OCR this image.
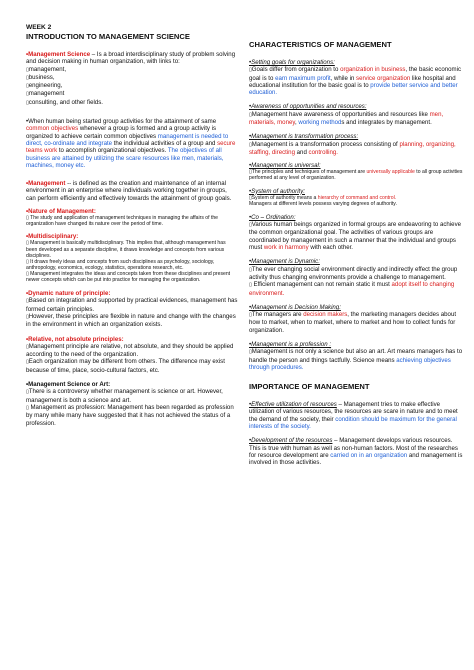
WEEK 2

INTRODUCTION TO MANAGEMENT SCIENCE

•Management Science – Is a broad interdisciplinary study of problem solving and decision making in human organization, with links to:
▯management,
▯business,
▯engineering,
▯management
▯consulting, and other fields.

•When human being started group activities for the attainment of same common objectives whenever a group is formed and a group activity is organized to achieve certain common objectives management is needed to direct, co-ordinate and integrate the individual activities of a group and secure teams work to accomplish organizational objectives. The objectives of all business are attained by utilizing the scare resources like men, materials, machines, money etc.

•Management -- is defined as the creation and maintenance of an internal environment in an enterprise where individuals working together in groups, can perform efficiently and effectively towards the attainment of group goals.

•Nature of Management:
▯ The study and application of management techniques in managing the affairs of the organization have changed its nature over the period of time.

•Multidisciplinary:
▯ Management is basically multidisciplinary. This implies that, although management has been developed as a separate discipline, it draws knowledge and concepts from various disciplines.
▯ It draws freely ideas and concepts from such disciplines as psychology, sociology, anthropology, economics, ecology, statistics, operations research, etc.
▯ Management integrates the ideas and concepts taken from these disciplines and present newer concepts which can be put into practice for managing the organization.

•Dynamic nature of principle:
▯Based on integration and supported by practical evidences, management has formed certain principles.
▯However, these principles are flexible in nature and change with the changes in the environment in which an organization exists.

•Relative, not absolute principles:
▯Management principle are relative, not absolute, and they should be applied according to the need of the organization.
▯Each organization may be different from others. The difference may exist because of time, place, socio-cultural factors, etc.

•Management Science or Art:
▯There is a controversy whether management is science or art. However, management is both a science and art.
▯ Management as profession: Management has been regarded as profession by many while many have suggested that it has not achieved the status of a profession.

CHARACTERISTICS OF MANAGEMENT

•Setting goals for organizations:
▯Goals differ from organization to organization in business, the basic economic goal is to earn maximum profit, while in service organization like hospital and educational institution for the basic goal is to provide better service and better education.

•Awareness of opportunities and resources:
▯Management have awareness of opportunities and resources like men, materials, money, working methods and integrates by management.

•Management is transformation process:
▯Management is a transformation process consisting of planning, organizing, staffing, directing and controlling.

•Management is universal:
▯The principles and techniques of management are universally applicable to all group activities performed at any level of organization.

•System of authority:
▯System of authority means a hierarchy of command and control.
Managers at different levels possess varying degrees of authority.

•Co – Ordination:
▯Various human beings organized in formal groups are endeavoring to achieve the common organizational goal. The activities of various groups are coordinated by management in such a manner that the individual and groups must work in harmony with each other.

•Management is Dynamic:
▯The ever changing social environment directly and indirectly effect the group activity thus changing environments provide a challenge to management.
▯ Efficient management can not remain static it must adopt itself to changing environment.

•Management is Decision Making:
▯The managers are decision makers, the marketing managers decides about how to market, when to market, where to market and how to collect funds for organization.

•Management is a profession :
▯Management is not only a science but also an art. Art means managers has to handle the person and things tactfully. Science means achieving objectives through procedures.

IMPORTANCE OF MANAGEMENT

•Effective utilization of resources – Management tries to make effective utilization of various resources, the resources are scare in nature and to meet the demand of the society, their condition should be maximum for the general interests of the society.

•Development of the resources – Management develops various resources. This is true with human as well as non-human factors. Most of the researches for resource development are carried on in an organization and management is involved in those activities.
